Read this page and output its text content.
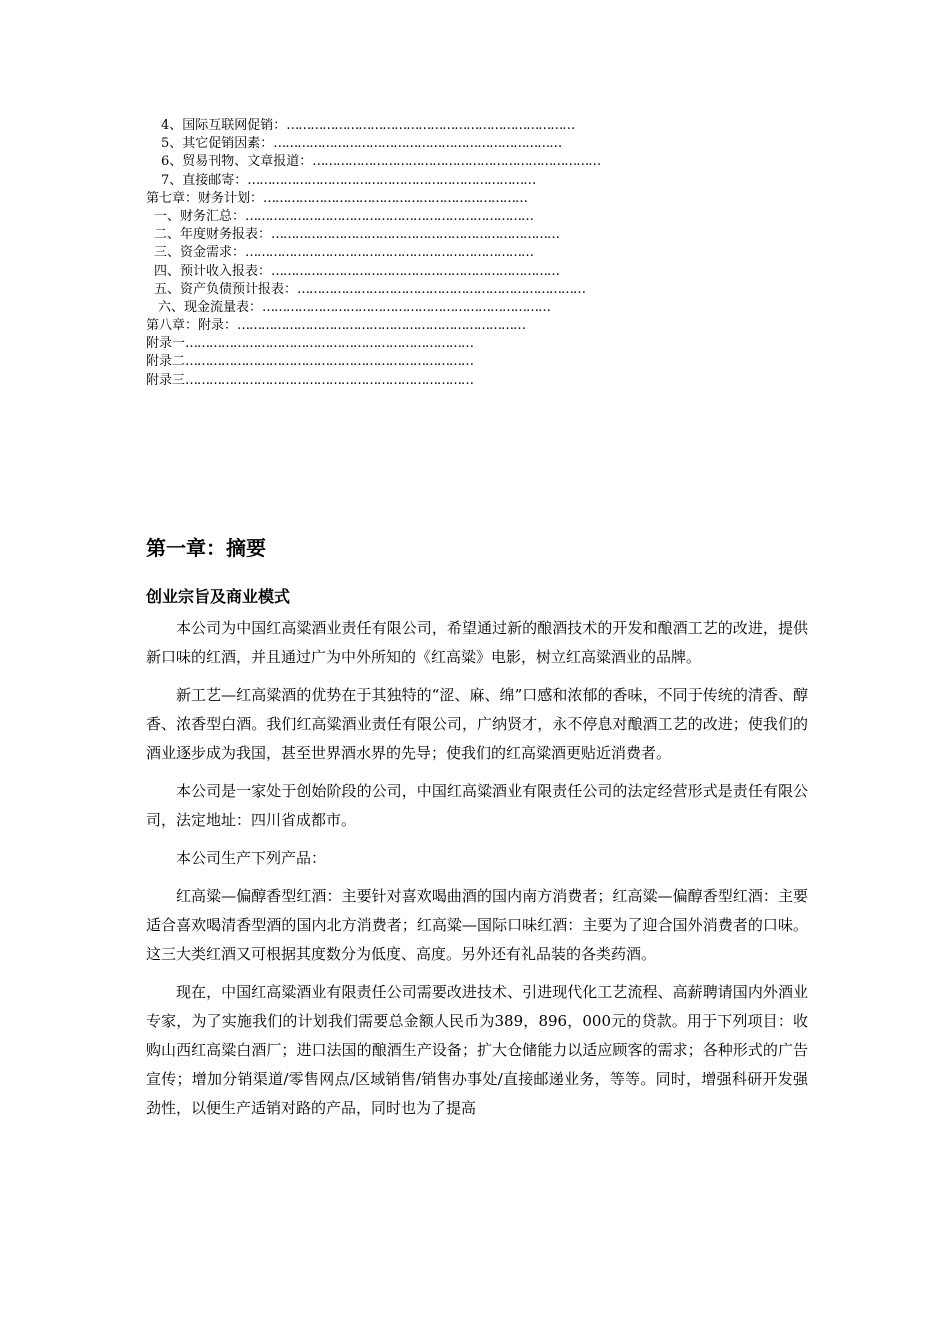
4、国际互联网促销：………………………………………………………………
5、其它促销因素：………………………………………………………………
6、贸易刊物、文章报道：………………………………………………………………
7、直接邮寄：………………………………………………………………
第七章：财务计划：…………………………………………………………
一、财务汇总：………………………………………………………………
二、年度财务报表：………………………………………………………………
三、资金需求：………………………………………………………………
四、预计收入报表：………………………………………………………………
五、资产负债预计报表：………………………………………………………………
六、现金流量表：………………………………………………………………
第八章：附录：………………………………………………………………
附录一………………………………………………………………
附录二………………………………………………………………
附录三………………………………………………………………
第一章：摘要
创业宗旨及商业模式

本公司为中国红高粱酒业责任有限公司，希望通过新的酿酒技术的开发和酿酒工艺的改进，提供新口味的红酒，并且通过广为中外所知的《红高粱》电影，树立红高粱酒业的品牌。

新工艺—红高粱酒的优势在于其独特的“涩、麻、绵”口感和浓郁的香味，不同于传统的清香、醇香、浓香型白酒。我们红高粱酒业责任有限公司，广纳贤才，永不停息对酿酒工艺的改进；使我们的酒业逐步成为我国，甚至世界酒水界的先导；使我们的红高粱酒更贴近消费者。

本公司是一家处于创始阶段的公司，中国红高粱酒业有限责任公司的法定经营形式是责任有限公司，法定地址：四川省成都市。

本公司生产下列产品：

红高粱—偏醇香型红酒：主要针对喜欢喝曲酒的国内南方消费者；红高粱—偏醇香型红酒：主要适合喜欢喝清香型酒的国内北方消费者；红高粱—国际口味红酒：主要为了迎合国外消费者的口味。这三大类红酒又可根据其度数分为低度、高度。另外还有礼品装的各类药酒。

现在，中国红高粱酒业有限责任公司需要改进技术、引进现代化工艺流程、高薪聘请国内外酒业专家，为了实施我们的计划我们需要总金额人民币为389，896，000元的贷款。用于下列项目：收购山西红高粱白酒厂；进口法国的酿酒生产设备；扩大仓储能力以适应顾客的需求；各种形式的广告宣传；增加分销渠道/零售网点/区域销售/销售办事处/直接邮递业务，等等。同时，增强科研开发强劲性，以便生产适销对路的产品，同时也为了提高
